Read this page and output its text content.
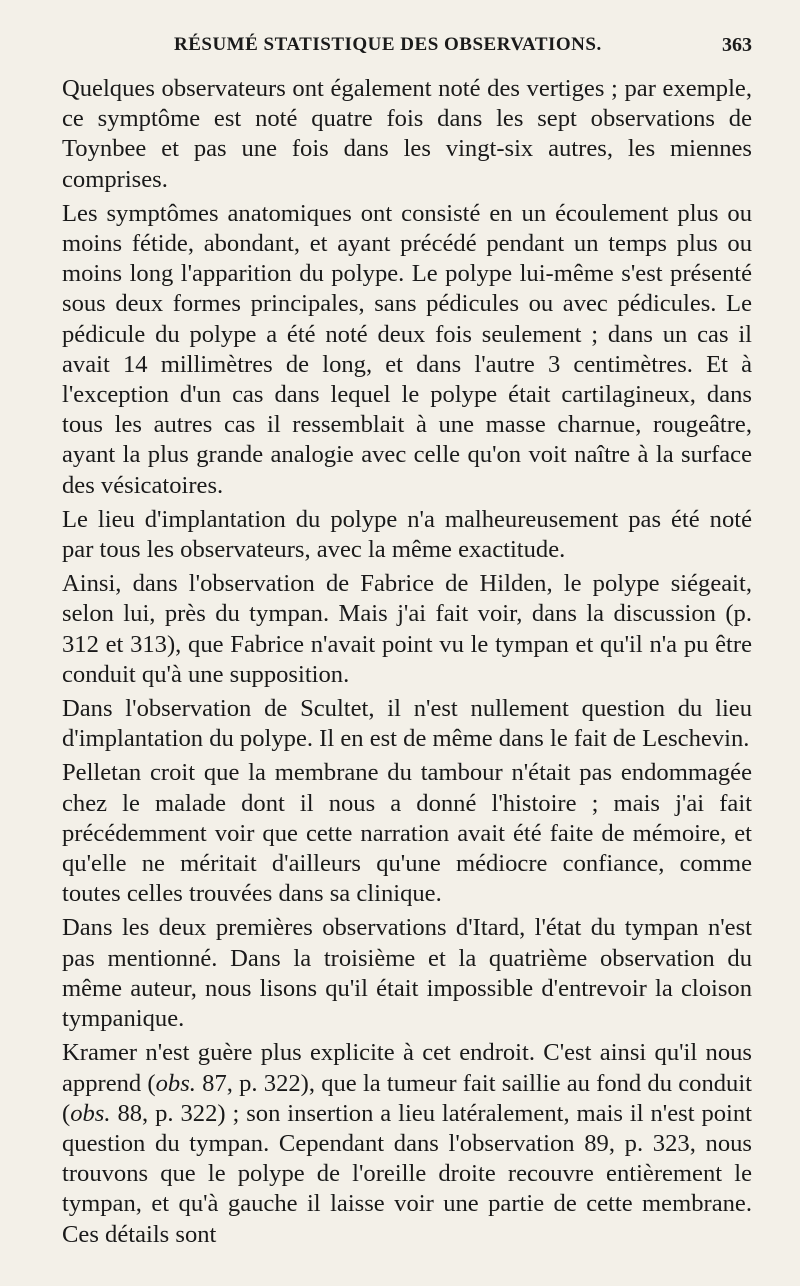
RÉSUMÉ STATISTIQUE DES OBSERVATIONS.	363

Quelques observateurs ont également noté des vertiges ; par exemple, ce symptôme est noté quatre fois dans les sept observations de Toynbee et pas une fois dans les vingt-six autres, les miennes comprises.

Les symptômes anatomiques ont consisté en un écoulement plus ou moins fétide, abondant, et ayant précédé pendant un temps plus ou moins long l'apparition du polype. Le polype lui-même s'est présenté sous deux formes principales, sans pédicules ou avec pédicules. Le pédicule du polype a été noté deux fois seulement ; dans un cas il avait 14 millimètres de long, et dans l'autre 3 centimètres. Et à l'exception d'un cas dans lequel le polype était cartilagineux, dans tous les autres cas il ressemblait à une masse charnue, rougeâtre, ayant la plus grande analogie avec celle qu'on voit naître à la surface des vésicatoires.

Le lieu d'implantation du polype n'a malheureusement pas été noté par tous les observateurs, avec la même exactitude.

Ainsi, dans l'observation de Fabrice de Hilden, le polype siégeait, selon lui, près du tympan. Mais j'ai fait voir, dans la discussion (p. 312 et 313), que Fabrice n'avait point vu le tympan et qu'il n'a pu être conduit qu'à une supposition.

Dans l'observation de Scultet, il n'est nullement question du lieu d'implantation du polype. Il en est de même dans le fait de Leschevin.

Pelletan croit que la membrane du tambour n'était pas endommagée chez le malade dont il nous a donné l'histoire ; mais j'ai fait précédemment voir que cette narration avait été faite de mémoire, et qu'elle ne méritait d'ailleurs qu'une médiocre confiance, comme toutes celles trouvées dans sa clinique.

Dans les deux premières observations d'Itard, l'état du tympan n'est pas mentionné. Dans la troisième et la quatrième observation du même auteur, nous lisons qu'il était impossible d'entrevoir la cloison tympanique.

Kramer n'est guère plus explicite à cet endroit. C'est ainsi qu'il nous apprend (obs. 87, p. 322), que la tumeur fait saillie au fond du conduit (obs. 88, p. 322) ; son insertion a lieu latéralement, mais il n'est point question du tympan. Cependant dans l'observation 89, p. 323, nous trouvons que le polype de l'oreille droite recouvre entièrement le tympan, et qu'à gauche il laisse voir une partie de cette membrane. Ces détails sont
